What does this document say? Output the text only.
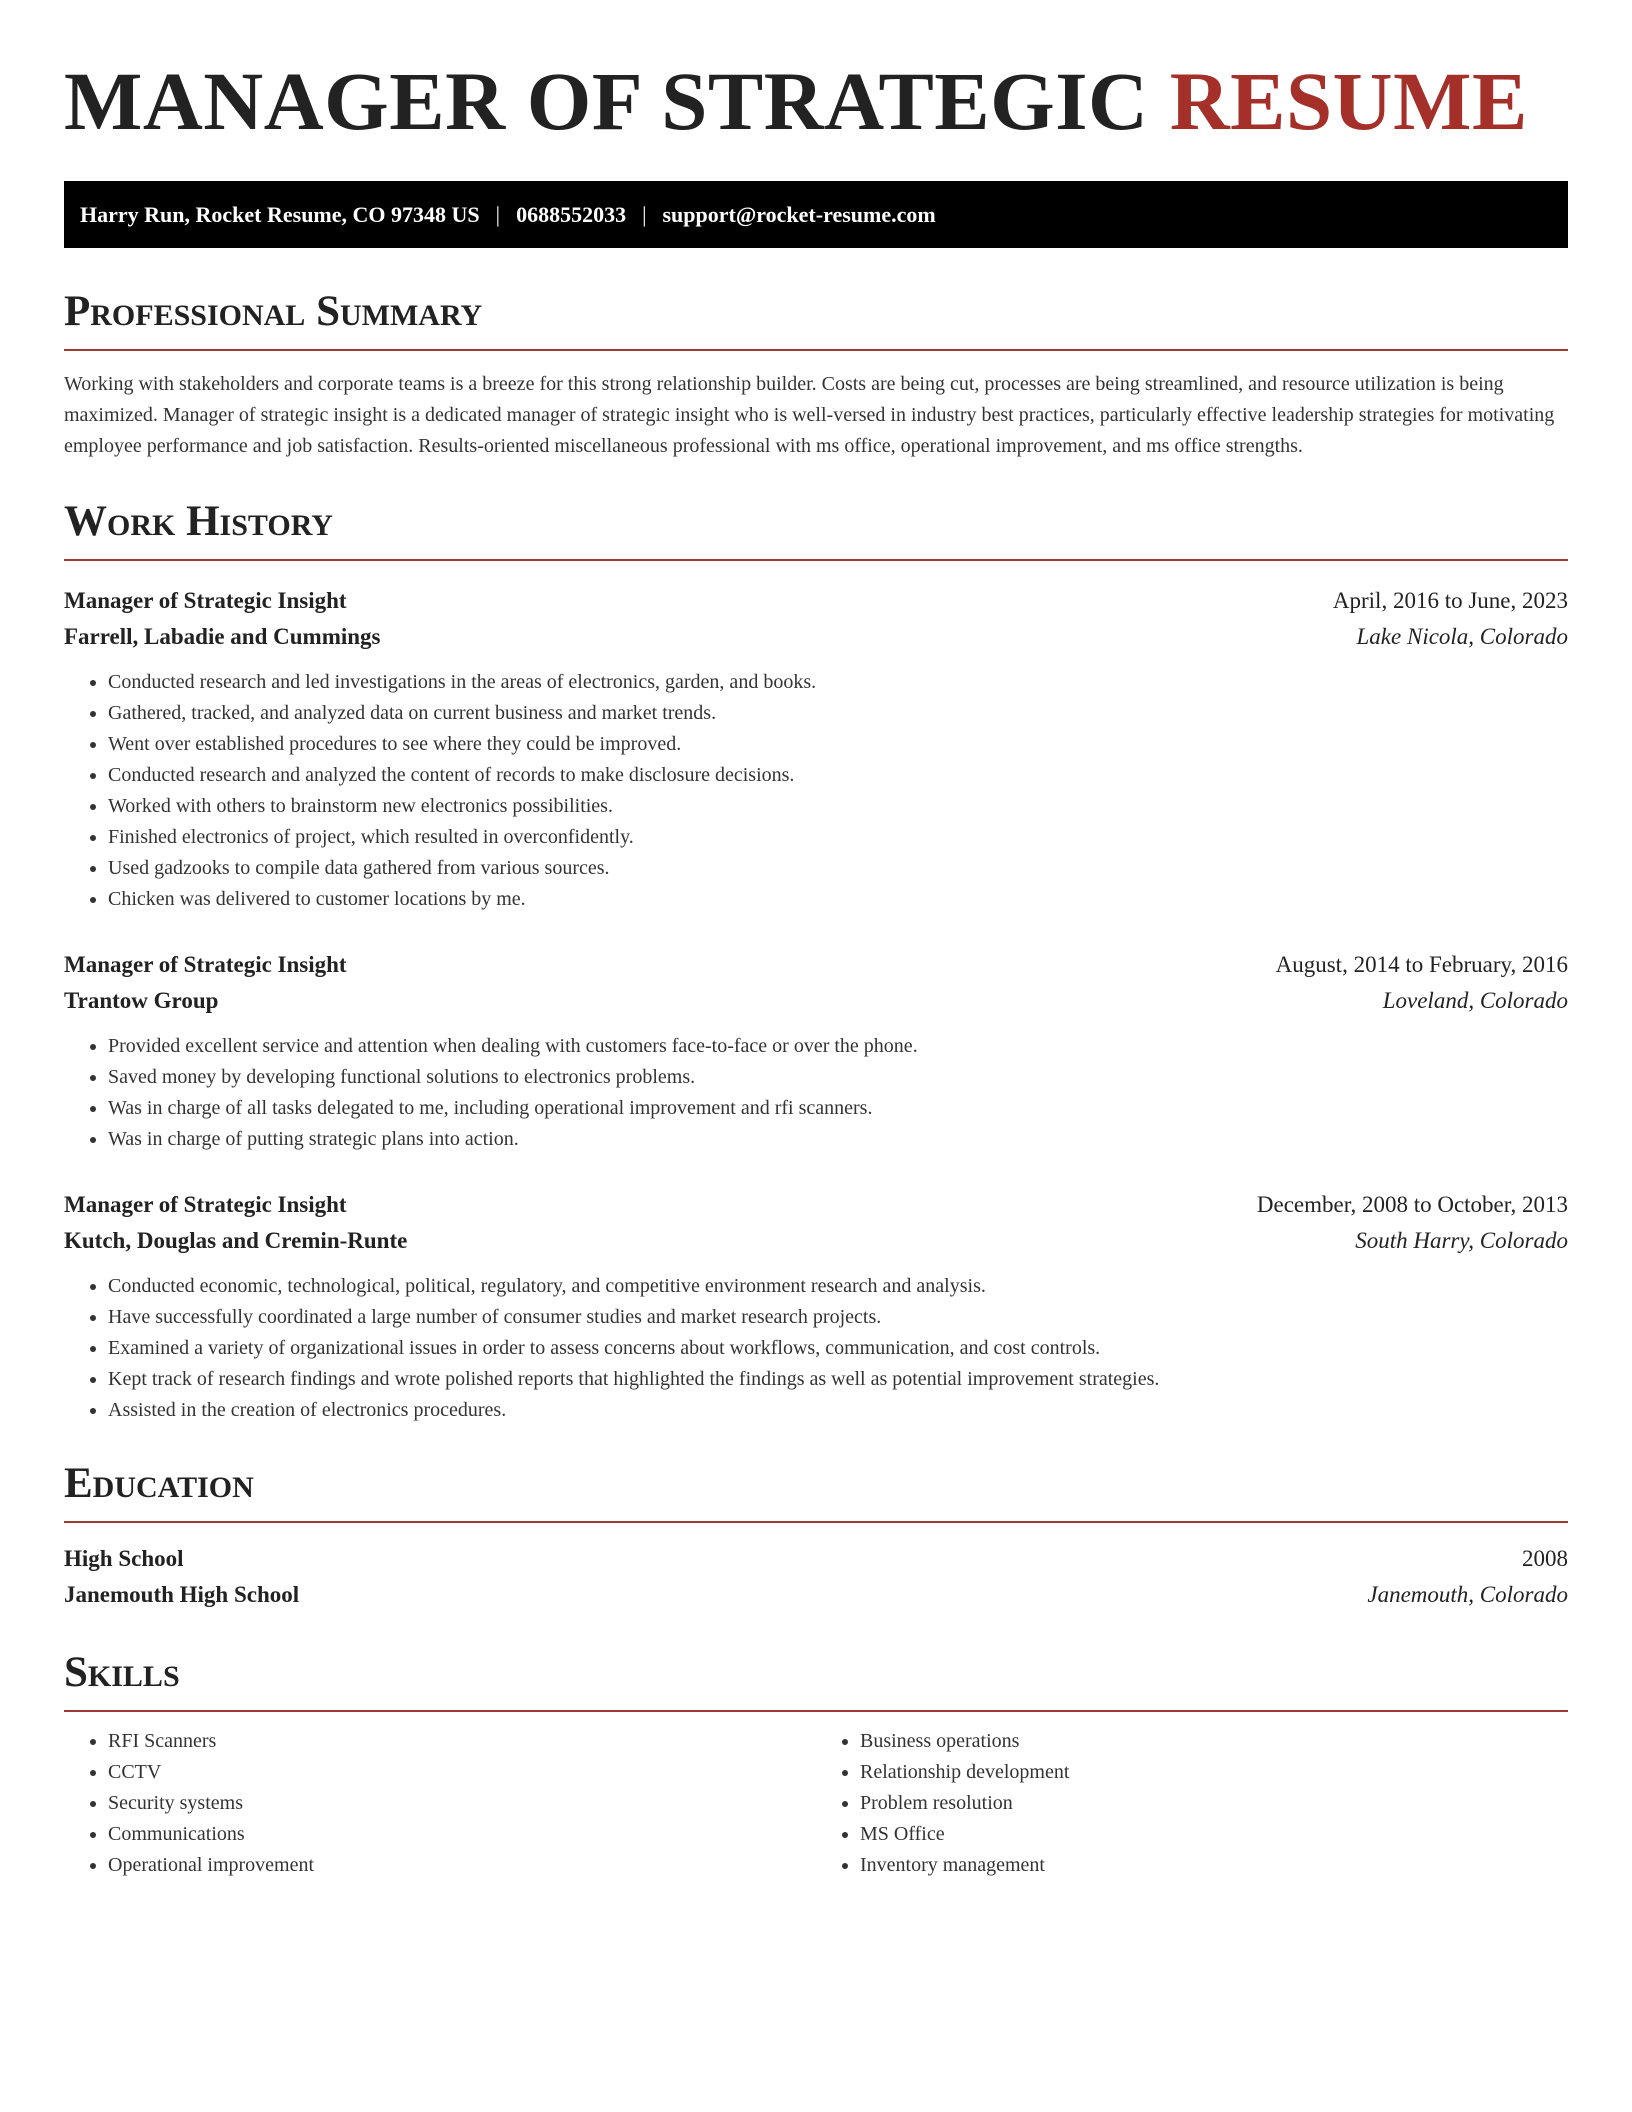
MANAGER OF STRATEGIC RESUME
Harry Run, Rocket Resume, CO 97348 US | 0688552033 | support@rocket-resume.com
Professional Summary

Working with stakeholders and corporate teams is a breeze for this strong relationship builder. Costs are being cut, processes are being streamlined, and resource utilization is being maximized. Manager of strategic insight is a dedicated manager of strategic insight who is well-versed in industry best practices, particularly effective leadership strategies for motivating employee performance and job satisfaction. Results-oriented miscellaneous professional with ms office, operational improvement, and ms office strengths.

Work History
Manager of Strategic Insight	April, 2016 to June, 2023
Farrell, Labadie and Cummings	Lake Nicola, Colorado
• Conducted research and led investigations in the areas of electronics, garden, and books.
• Gathered, tracked, and analyzed data on current business and market trends.
• Went over established procedures to see where they could be improved.
• Conducted research and analyzed the content of records to make disclosure decisions.
• Worked with others to brainstorm new electronics possibilities.
• Finished electronics of project, which resulted in overconfidently.
• Used gadzooks to compile data gathered from various sources.
• Chicken was delivered to customer locations by me.
Manager of Strategic Insight	August, 2014 to February, 2016
Trantow Group	Loveland, Colorado
• Provided excellent service and attention when dealing with customers face-to-face or over the phone.
• Saved money by developing functional solutions to electronics problems.
• Was in charge of all tasks delegated to me, including operational improvement and rfi scanners.
• Was in charge of putting strategic plans into action.
Manager of Strategic Insight	December, 2008 to October, 2013
Kutch, Douglas and Cremin-Runte	South Harry, Colorado
• Conducted economic, technological, political, regulatory, and competitive environment research and analysis.
• Have successfully coordinated a large number of consumer studies and market research projects.
• Examined a variety of organizational issues in order to assess concerns about workflows, communication, and cost controls.
• Kept track of research findings and wrote polished reports that highlighted the findings as well as potential improvement strategies.
• Assisted in the creation of electronics procedures.
Education
High School	2008
Janemouth High School	Janemouth, Colorado
Skills
• RFI Scanners
• CCTV
• Security systems
• Communications
• Operational improvement
• Business operations
• Relationship development
• Problem resolution
• MS Office
• Inventory management
